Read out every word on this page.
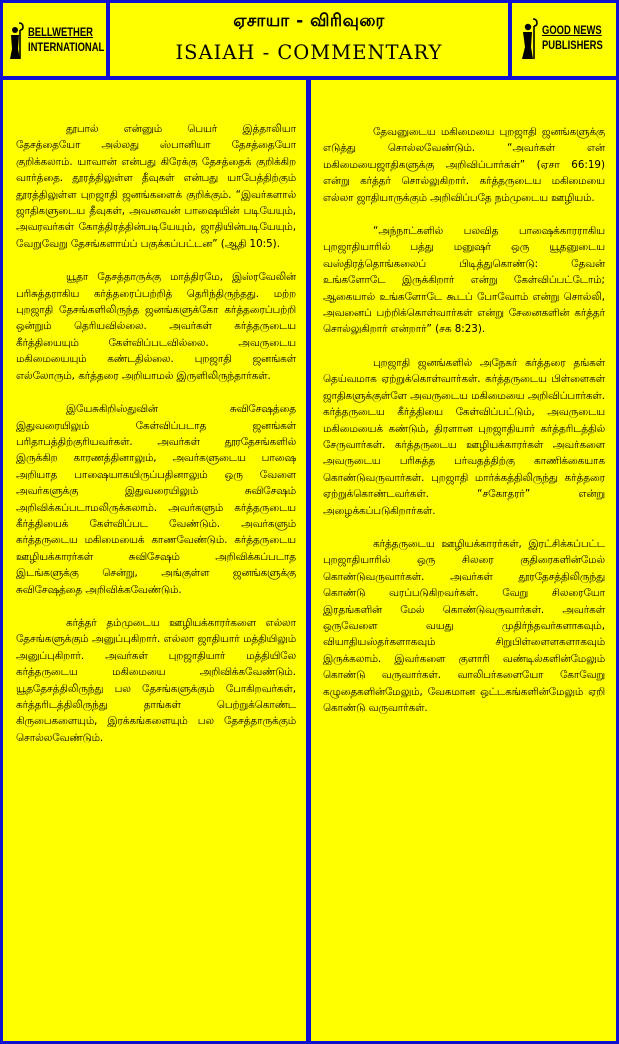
BELLWETHER
INTERNATIONAL
ஏசாயா - விரிவுரை
ISAIAH - COMMENTARY
GOOD NEWS
PUBLISHERS

தூபால் என்னும் பெயர் இத்தாலியா தேசத்தையோ அல்லது ஸ்பானியா தேசத்தையோ குறிக்கலாம். யாவான் என்பது கிரேக்கு தேசத்தைக் குறிக்கிற வார்த்தை. தூரத்திலுள்ள தீவுகள் என்பது யாபேத்திற்கும் தூரத்திலுள்ள புறஜாதி ஜனங்களைக் குறிக்கும். “இவர்களால் ஜாதிகளுடைய தீவுகள், அவனவன் பாஷையின் படியேயும், அவரவர்கள் கோத்திரத்தின்படியேயும், ஜாதியின்படியேயும், வேறுவேறு தேசங்களாய்ப் பகுக்கப்பட்டன” (ஆதி 10:5).

யூதா தேசத்தாருக்கு மாத்திரமே, இஸ்ரவேலின் பரிசுத்தராகிய கர்த்தரைப்பற்றித் தெரிந்திருந்தது. மற்ற புறஜாதி தேசங்களிலிருந்த ஜனங்களுக்கோ கர்த்தரைப்பற்றி ஒன்றும் தெரியவில்லை. அவர்கள் கர்த்தருடைய கீர்த்தியையும் கேள்விப்படவில்லை. அவருடைய மகிமையையும் கண்டதில்லை. புறஜாதி ஜனங்கள் எல்லோரும், கர்த்தரை அறியாமல் இருளிலிருந்தார்கள்.

இயேசுகிறிஸ்துவின் சுவிசேஷத்தை இதுவரையிலும் கேள்விப்படாத ஜனங்கள் பரிதாபத்திற்குரியவர்கள். அவர்கள் தூரதேசங்களில் இருக்கிற காரணத்தினாலும், அவர்களுடைய பாஷை அறியாத பாஷையாகயிருப்பதினாலும் ஒரு வேளை அவர்களுக்கு இதுவரையிலும் சுவிசேஷம் அறிவிக்கப்படாமலிருக்கலாம். அவர்களும் கர்த்தருடைய கீர்த்தியைக் கேள்விப்பட வேண்டும். அவர்களும் கர்த்தருடைய மகிமையைக் காணவேண்டும். கர்த்தருடைய ஊழியக்காரர்கள் சுவிசேஷம் அறிவிக்கப்படாத இடங்களுக்கு சென்று, அங்குள்ள ஜனங்களுக்கு சுவிசேஷத்தை அறிவிக்கவேண்டும்.

கர்த்தர் தம்முடைய ஊழியக்காரர்களை எல்லா தேசங்களுக்கும் அனுப்புகிறார். எல்லா ஜாதியார் மத்தியிலும் அனுப்புகிறார். அவர்கள் புறஜாதியார் மத்தியிலே கர்த்தருடைய மகிமையை அறிவிக்கவேண்டும். யூததேசத்திலிருந்து பல தேசங்களுக்கும் போகிறவர்கள், கர்த்தரிடத்திலிருந்து தாங்கள் பெற்றுக்கொண்ட கிருபைகளையும், இரக்கங்களையும் பல தேசத்தாருக்கும் சொல்லவேண்டும்.

தேவனுடைய மகிமையை புறஜாதி ஜனங்களுக்கு எடுத்து சொல்லவேண்டும். “அவர்கள் என் மகிமையைஜாதிகளுக்கு அறிவிப்பார்கள்” (ஏசா 66:19) என்று கர்த்தர் சொல்லுகிறார். கர்த்தருடைய மகிமையை எல்லா ஜாதியாருக்கும் அறிவிப்பதே நம்முடைய ஊழியம்.

“அந்நாட்களில் பலவித பாஷைக்காரராகிய புறஜாதியாரில் பத்து மனுஷர் ஒரு யூதனுடைய வஸ்திரத்தொங்கலைப் பிடித்துகொண்டு: தேவன் உங்களோடே இருக்கிறார் என்று கேள்விப்பட்டோம்; ஆகையால் உங்களோடே கூடப் போவோம் என்று சொல்லி, அவனைப் பற்றிக்கொள்வார்கள் என்று சேனைகளின் கர்த்தர் சொல்லுகிறார் என்றார்” (சக 8:23).

புறஜாதி ஜனங்களில் அநேகர் கர்த்தரை தங்கள் தெய்வமாக ஏற்றுக்கொள்வார்கள். கர்த்தருடைய பிள்ளைகள் ஜாதிகளுக்குள்ளே அவருடைய மகிமையை அறிவிப்பார்கள். கர்த்தருடைய கீர்த்தியை கேள்விப்பட்டும், அவருடைய மகிமையைக் கண்டும், திரளான புறஜாதியார் கர்த்தரிடத்தில் சேருவார்கள். கர்த்தருடைய ஊழியக்காரர்கள் அவர்களை அவருடைய பரிசுத்த பர்வதத்திற்கு காணிக்கையாக கொண்டுவருவார்கள். புறஜாதி மார்க்கத்திலிருந்து கர்த்தரை ஏற்றுக்கொண்டவர்கள். “சகோதரர்” என்று அழைக்கப்படுகிறார்கள்.

கர்த்தருடைய ஊழியக்காரர்கள், இரட்சிக்கப்பட்ட புறஜாதியாரில் ஒரு சிலரை குதிரைகளின்மேல் கொண்டுவருவார்கள். அவர்கள் தூரதேசத்திலிருந்து கொண்டு வரப்படுகிறவர்கள். வேறு சிலரையோ இரதங்களின் மேல் கொண்டுவருவார்கள். அவர்கள் ஒருவேளை வயது முதிர்ந்தவர்களாகவும், வியாதியஸ்தர்களாகவும் சிறுபிள்ளைளகளாகவும் இருக்கலாம். இவர்களை குளாரி வண்டில்களின்மேலும் கொண்டு வருவார்கள். வாலிபர்களையோ கோவேறு கழுதைகளின்மேலும், வேகமான ஒட்டகங்களின்மேலும் ஏறி கொண்டு வருவார்கள்.
